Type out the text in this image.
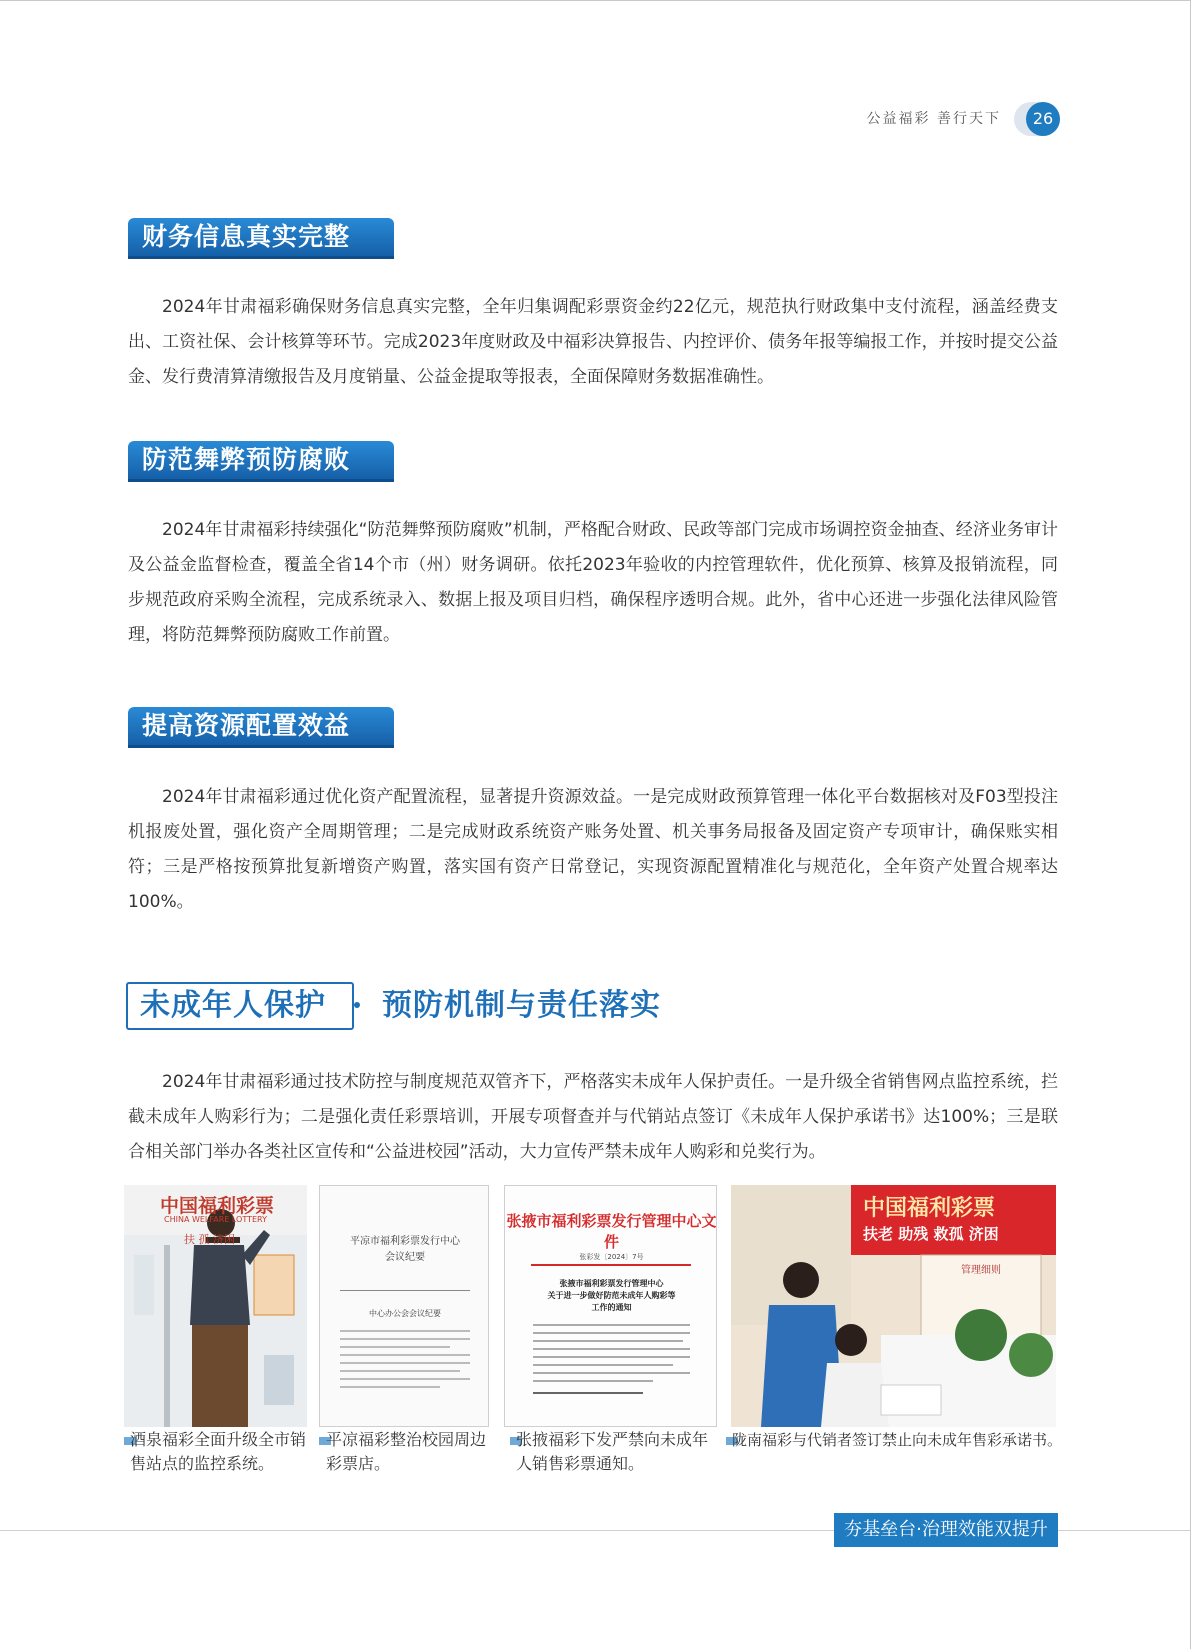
公益福彩 善行天下	26
财务信息真实完整

2024年甘肃福彩确保财务信息真实完整，全年归集调配彩票资金约22亿元，规范执行财政集中支付流程，涵盖经费支出、工资社保、会计核算等环节。完成2023年度财政及中福彩决算报告、内控评价、债务年报等编报工作，并按时提交公益金、发行费清算清缴报告及月度销量、公益金提取等报表，全面保障财务数据准确性。

防范舞弊预防腐败

2024年甘肃福彩持续强化“防范舞弊预防腐败”机制，严格配合财政、民政等部门完成市场调控资金抽查、经济业务审计及公益金监督检查，覆盖全省14个市（州）财务调研。依托2023年验收的内控管理软件，优化预算、核算及报销流程，同步规范政府采购全流程，完成系统录入、数据上报及项目归档，确保程序透明合规。此外，省中心还进一步强化法律风险管理，将防范舞弊预防腐败工作前置。

提高资源配置效益

2024年甘肃福彩通过优化资产配置流程，显著提升资源效益。一是完成财政预算管理一体化平台数据核对及F03型投注机报废处置，强化资产全周期管理；二是完成财政系统资产账务处置、机关事务局报备及固定资产专项审计，确保账实相符；三是严格按预算批复新增资产购置，落实国有资产日常登记，实现资源配置精准化与规范化，全年资产处置合规率达100%。

未成年人保护	预防机制与责任落实

2024年甘肃福彩通过技术防控与制度规范双管齐下，严格落实未成年人保护责任。一是升级全省销售网点监控系统，拦截未成年人购彩行为；二是强化责任彩票培训，开展专项督查并与代销站点签订《未成年人保护承诺书》达100%；三是联合相关部门举办各类社区宣传和“公益进校园”活动，大力宣传严禁未成年人购彩和兑奖行为。

中国福利彩票
CHINA WELFARE LOTTERY
扶 孤 济困	平凉市福利彩票发行中心
会议纪要
中心办公会会议纪要
张掖市福利彩票发行管理中心文件
张彩发〔2024〕7号
张掖市福利彩票发行管理中心
关于进一步做好防范未成年人购彩等
工作的通知
中国福利彩票
扶老 助残 救孤 济困
管理细则
酒泉福彩全面升级全市销售站点的监控系统。
平凉福彩整治校园周边彩票店。
张掖福彩下发严禁向未成年人销售彩票通知。
陇南福彩与代销者签订禁止向未成年售彩承诺书。
夯基垒台·治理效能双提升
